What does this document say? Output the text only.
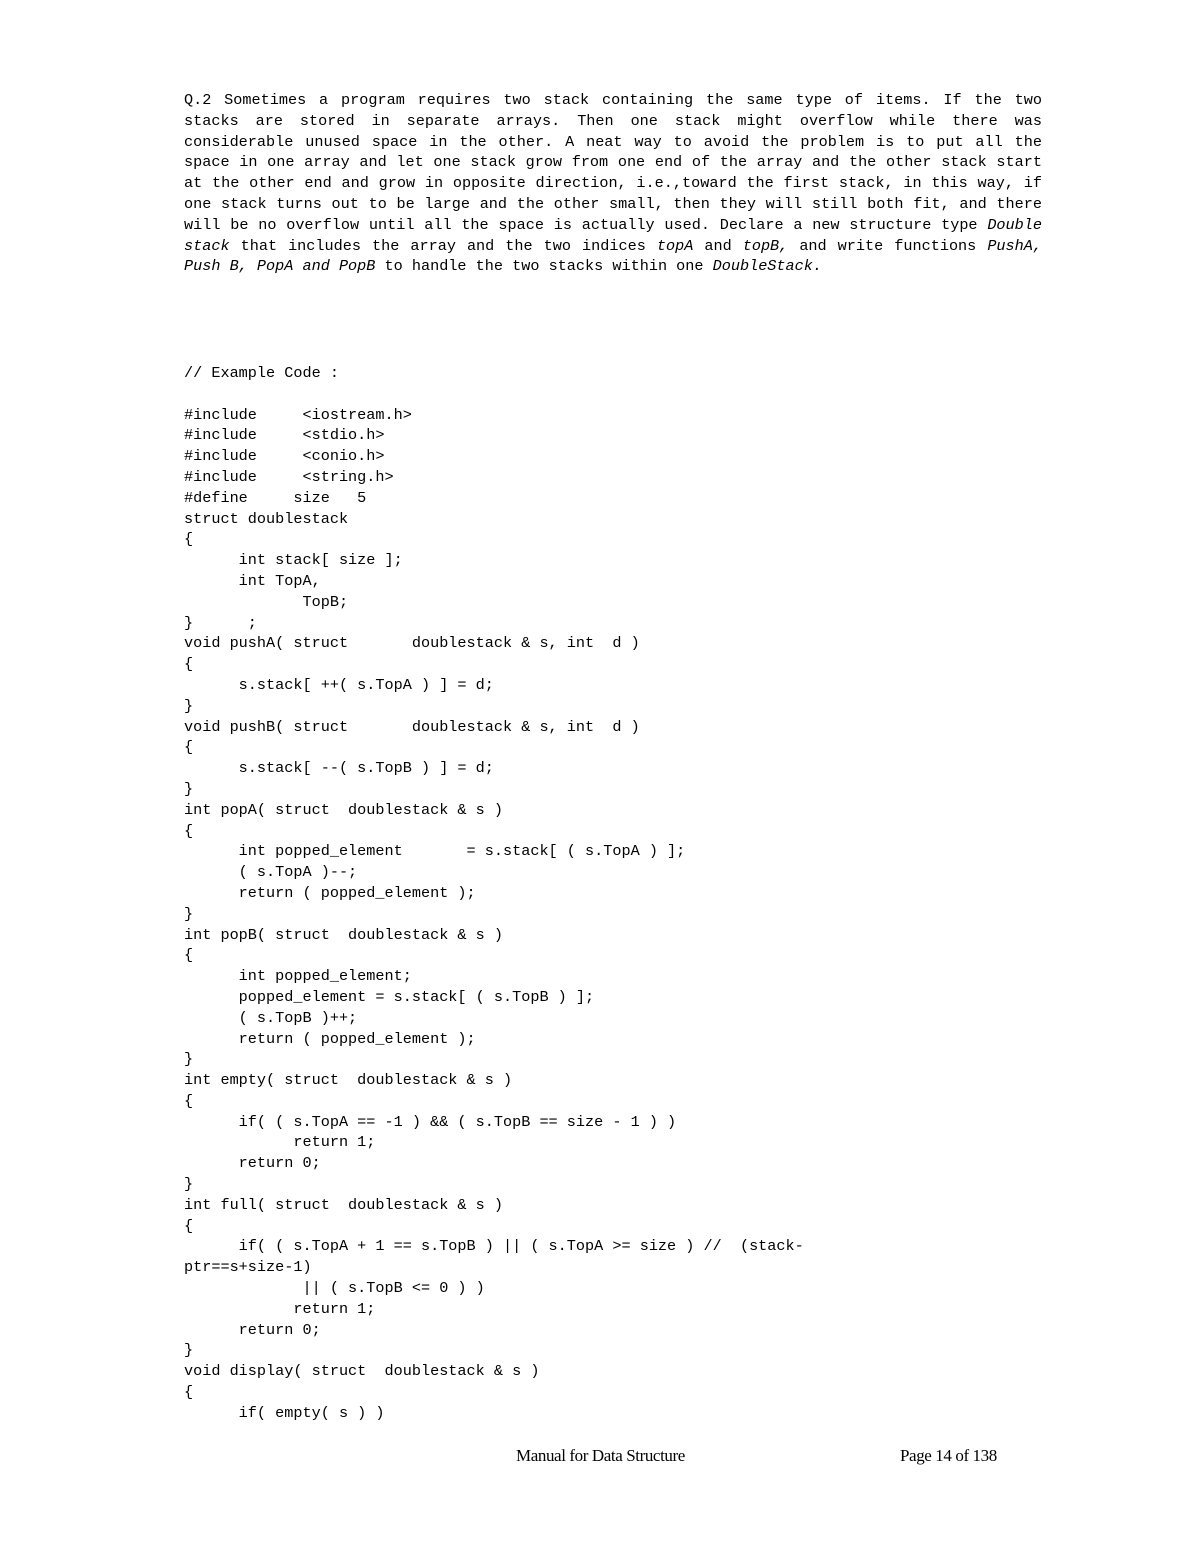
Q.2 Sometimes a program requires two stack containing the same type of items. If the two stacks are stored in separate arrays. Then one stack might overflow while there was considerable unused space in the other. A neat way to avoid the problem is to put all the space in one array and let one stack grow from one end of the array and the other stack start at the other end and grow in opposite direction, i.e.,toward the first stack, in this way, if one stack turns out to be large and the other small, then they will still both fit, and there will be no overflow until all the space is actually used. Declare a new structure type Double stack that includes the array and the two indices topA and topB, and write functions PushA, Push B, PopA and PopB to handle the two stacks within one DoubleStack.
// Example Code :
#include     <iostream.h>
#include     <stdio.h>
#include     <conio.h>
#include     <string.h>
#define     size   5
struct doublestack
{
int stack[ size ];
int TopA,
TopB;
}      ;
void pushA( struct       doublestack & s, int  d )
{
s.stack[ ++( s.TopA ) ] = d;
}
void pushB( struct       doublestack & s, int  d )
{
s.stack[ --( s.TopB ) ] = d;
}
int popA( struct  doublestack & s )
{
int popped_element       = s.stack[ ( s.TopA ) ];
( s.TopA )--;
return ( popped_element );
}
int popB( struct  doublestack & s )
{
int popped_element;
popped_element = s.stack[ ( s.TopB ) ];
( s.TopB )++;
return ( popped_element );
}
int empty( struct  doublestack & s )
{
if( ( s.TopA == -1 ) && ( s.TopB == size - 1 ) )
return 1;
return 0;
}
int full( struct  doublestack & s )
{
if( ( s.TopA + 1 == s.TopB ) || ( s.TopA >= size ) //  (stack-
ptr==s+size-1)
|| ( s.TopB <= 0 ) )
return 1;
return 0;
}
void display( struct  doublestack & s )
{
if( empty( s ) )
Manual for Data Structure	Page 14 of 138
